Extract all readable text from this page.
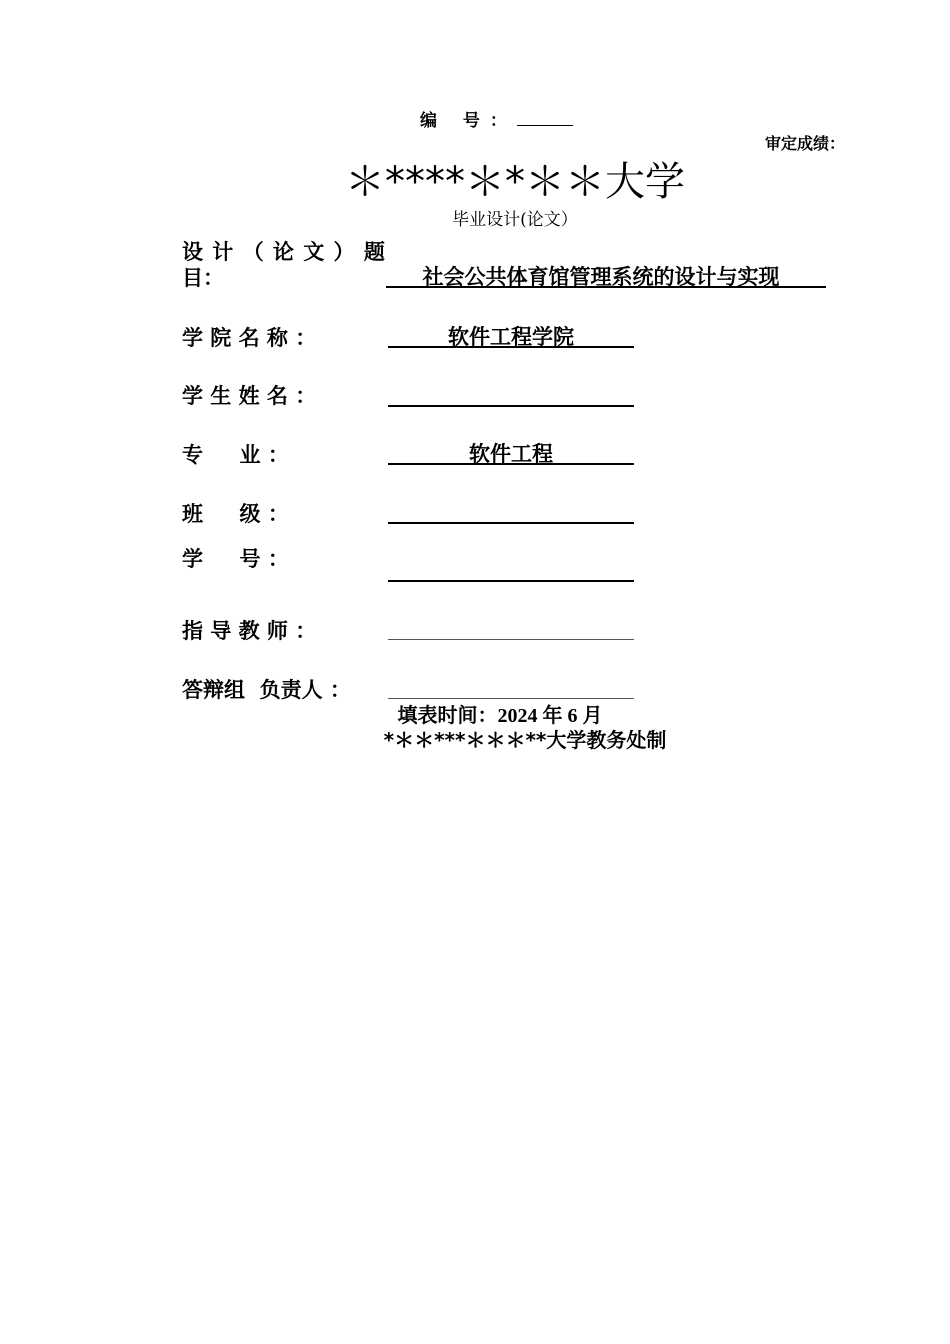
编 号：
审定成绩：
＊****＊*＊＊大学
毕业设计(论文）
设 计 （ 论 文 ） 题
目：	社会公共体育馆管理系统的设计与实现
学 院 名 称 ：	软件工程学院
学 生 姓 名 ：
专     业 ：	软件工程
班     级 ：
学     号 ：
指 导 教 师 ：
答辩组  负责人 ：
填表时间：2024 年 6 月
*＊＊***＊＊＊**大学教务处制
